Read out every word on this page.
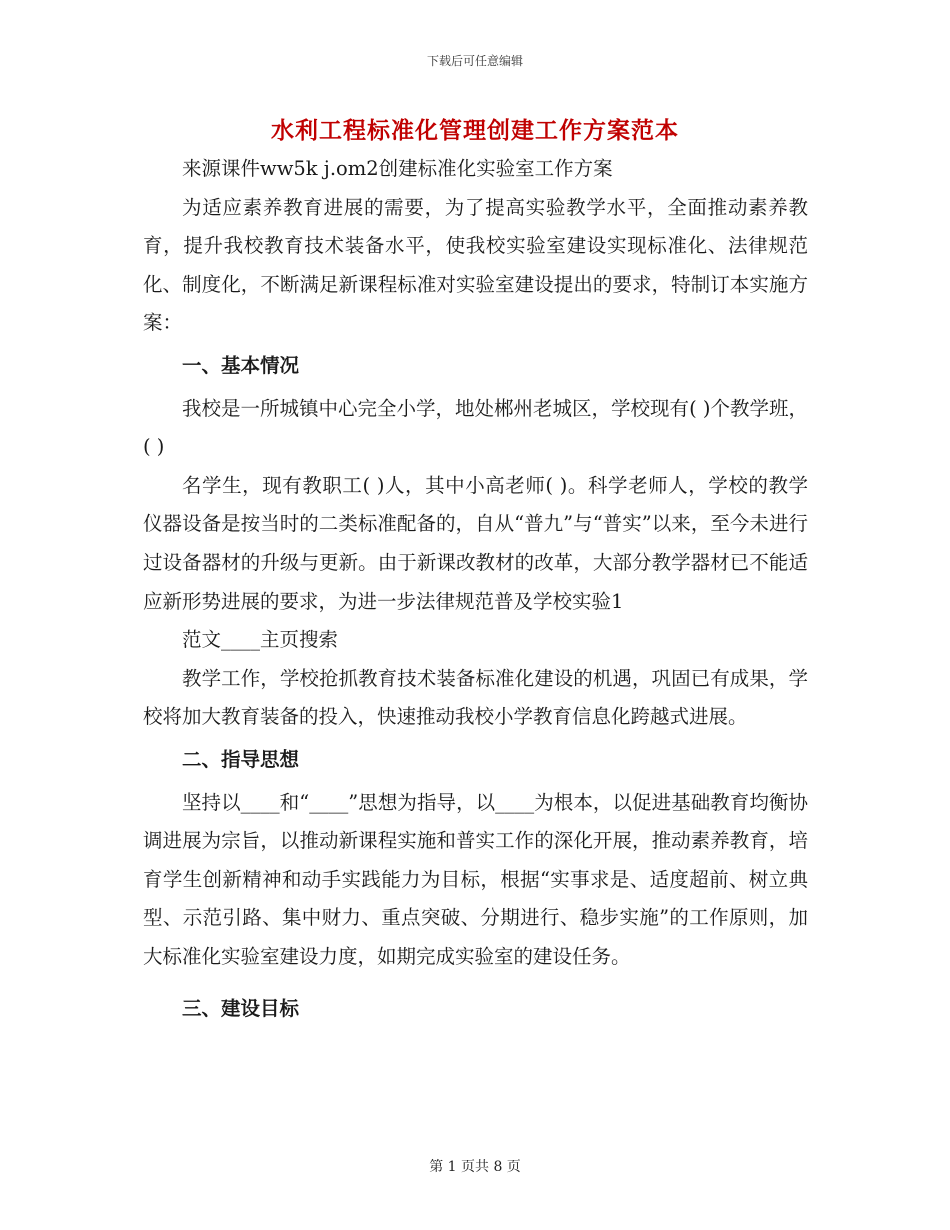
下载后可任意编辑
水利工程标准化管理创建工作方案范本

来源课件ww5k j.om2创建标准化实验室工作方案

为适应素养教育进展的需要，为了提高实验教学水平，全面推动素养教育，提升我校教育技术装备水平，使我校实验室建设实现标准化、法律规范化、制度化，不断满足新课程标准对实验室建设提出的要求，特制订本实施方案：

一、基本情况

我校是一所城镇中心完全小学，地处郴州老城区，学校现有( )个教学班，( )

名学生，现有教职工( )人，其中小高老师( )。科学老师人，学校的教学仪器设备是按当时的二类标准配备的，自从“普九”与“普实”以来，至今未进行过设备器材的升级与更新。由于新课改教材的改革，大部分教学器材已不能适应新形势进展的要求，为进一步法律规范普及学校实验1

范文____主页搜索

教学工作，学校抢抓教育技术装备标准化建设的机遇，巩固已有成果，学校将加大教育装备的投入，快速推动我校小学教育信息化跨越式进展。

二、指导思想

坚持以____和“____”思想为指导，以____为根本，以促进基础教育均衡协调进展为宗旨，以推动新课程实施和普实工作的深化开展，推动素养教育，培育学生创新精神和动手实践能力为目标，根据“实事求是、适度超前、树立典型、示范引路、集中财力、重点突破、分期进行、稳步实施”的工作原则，加大标准化实验室建设力度，如期完成实验室的建设任务。

三、建设目标

第 1 页共 8 页
